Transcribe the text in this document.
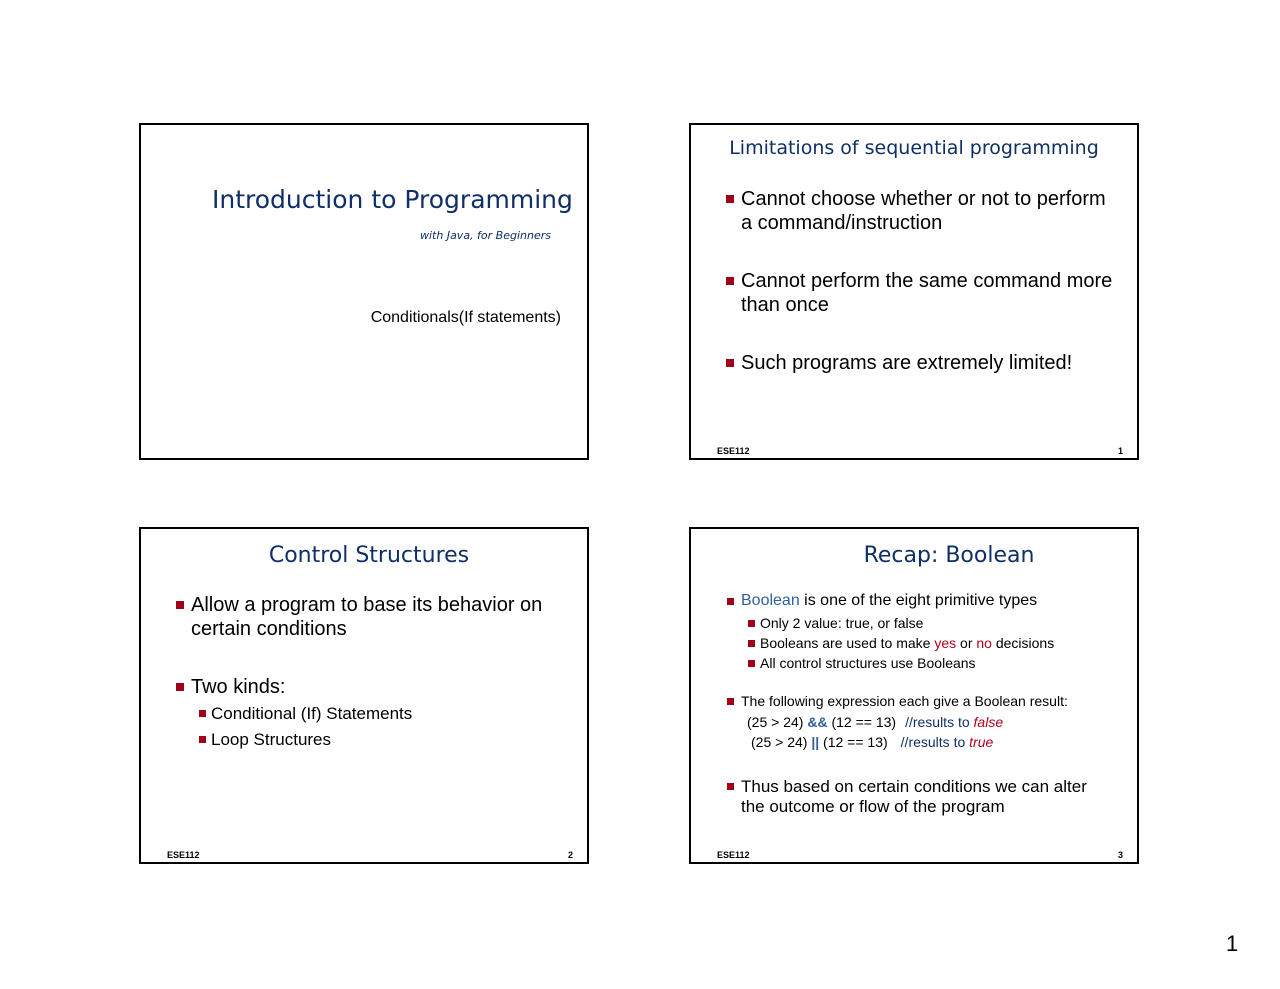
Introduction to Programming
with Java, for Beginners
Conditionals(If statements)
Limitations of sequential programming
Cannot choose whether or not to perform
a command/instruction
Cannot perform the same command more
than once
Such programs are extremely limited!
ESE112	1
Control Structures
Allow a program to base its behavior on
certain conditions
Two kinds:
Conditional (If) Statements
Loop Structures
ESE112	2
Recap: Boolean
Boolean is one of the eight primitive types
Only 2 value: true, or false
Booleans are used to make yes or no decisions
All control structures use Booleans
The following expression each give a Boolean result:
(25 > 24) && (12 == 13) //results to false
(25 > 24) || (12 == 13) //results to true
Thus based on certain conditions we can alter
the outcome or flow of the program
ESE112	3
1
